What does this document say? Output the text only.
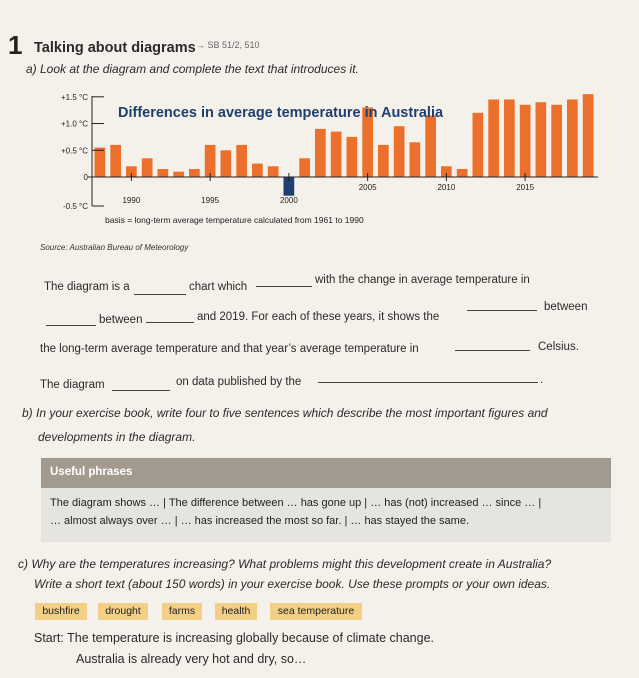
1 Talking about diagrams → SB 51/2, 510
a) Look at the diagram and complete the text that introduces it.
+1.5 °C
+1.0 °C
+0.5 °C
0
-0.5 °C
1990	1995	2000
2005	2010	2015
Differences in average temperature in Australia
basis = long-term average temperature calculated from 1961 to 1990
Source: Australian Bureau of Meteorology
The diagram is a	chart which
with the change in average temperature in
between	and 2019. For each of these years, it shows the
between
the long-term average temperature and that year’s average temperature in	Celsius.
The diagram	on data published by the	.
b) In your exercise book, write four to five sentences which describe the most important figures and
developments in the diagram.
Useful phrases
The diagram shows … | The difference between … has gone up | … has (not) increased … since … |
… almost always over … | … has increased the most so far. | … has stayed the same.
c) Why are the temperatures increasing? What problems might this development create in Australia?
Write a short text (about 150 words) in your exercise book. Use these prompts or your own ideas.
bushfire	drought	farms	health	sea temperature
Start: The temperature is increasing globally because of climate change.
Australia is already very hot and dry, so…
